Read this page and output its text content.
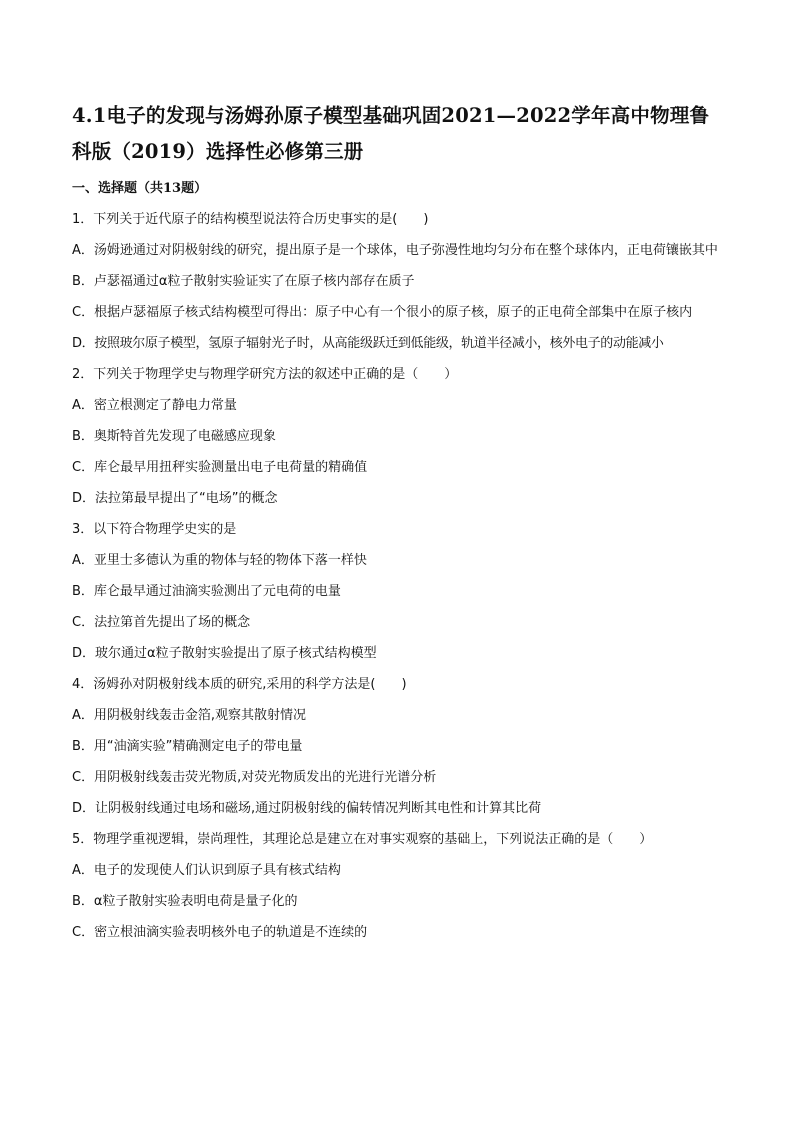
4.1电子的发现与汤姆孙原子模型基础巩固2021—2022学年高中物理鲁科版（2019）选择性必修第三册
一、选择题（共13题）
1．下列关于近代原子的结构模型说法符合历史事实的是(　　)
A．汤姆逊通过对阴极射线的研究，提出原子是一个球体，电子弥漫性地均匀分布在整个球体内，正电荷镶嵌其中
B．卢瑟福通过α粒子散射实验证实了在原子核内部存在质子
C．根据卢瑟福原子核式结构模型可得出：原子中心有一个很小的原子核，原子的正电荷全部集中在原子核内
D．按照玻尔原子模型，氢原子辐射光子时，从高能级跃迁到低能级，轨道半径减小，核外电子的动能减小
2．下列关于物理学史与物理学研究方法的叙述中正确的是（　　）
A．密立根测定了静电力常量
B．奥斯特首先发现了电磁感应现象
C．库仑最早用扭秤实验测量出电子电荷量的精确值
D．法拉第最早提出了“电场”的概念
3．以下符合物理学史实的是
A．亚里士多德认为重的物体与轻的物体下落一样快
B．库仑最早通过油滴实验测出了元电荷的电量
C．法拉第首先提出了场的概念
D．玻尔通过α粒子散射实验提出了原子核式结构模型
4．汤姆孙对阴极射线本质的研究,采用的科学方法是(　　)
A．用阴极射线轰击金箔,观察其散射情况
B．用“油滴实验”精确测定电子的带电量
C．用阴极射线轰击荧光物质,对荧光物质发出的光进行光谱分析
D．让阴极射线通过电场和磁场,通过阴极射线的偏转情况判断其电性和计算其比荷
5．物理学重视逻辑，崇尚理性，其理论总是建立在对事实观察的基础上，下列说法正确的是（　　）
A．电子的发现使人们认识到原子具有核式结构
B．α粒子散射实验表明电荷是量子化的
C．密立根油滴实验表明核外电子的轨道是不连续的
